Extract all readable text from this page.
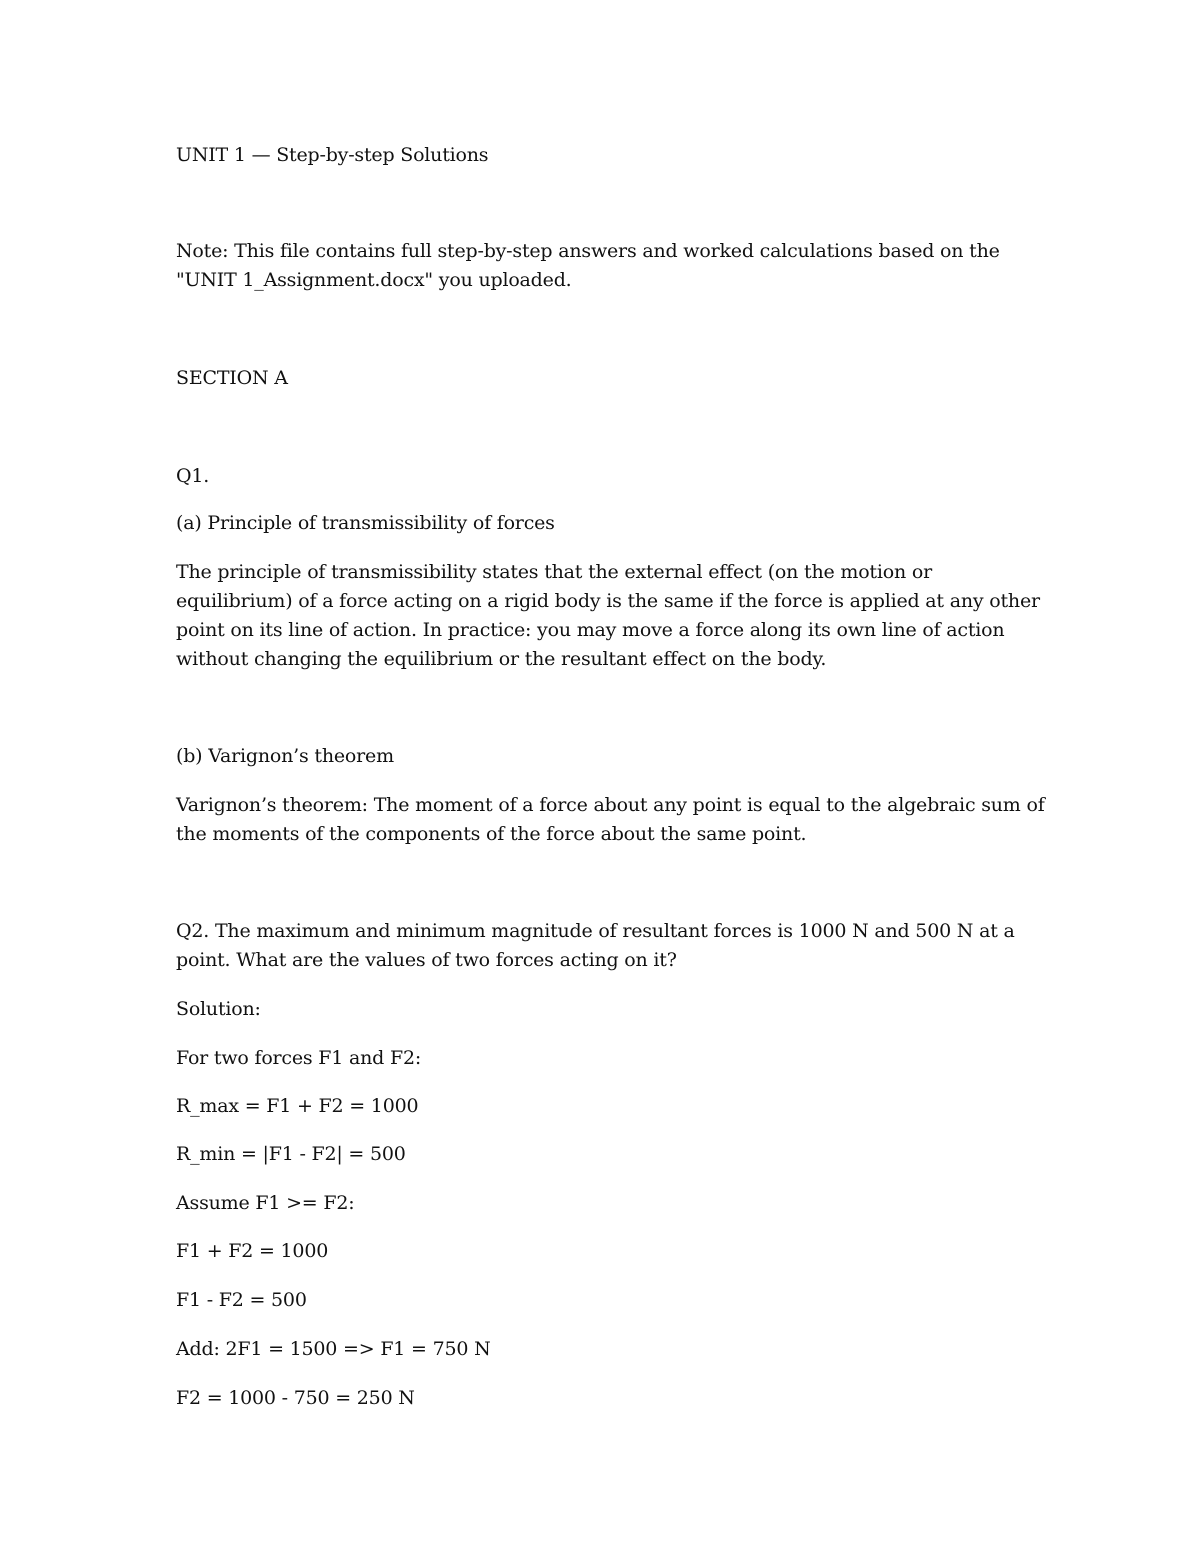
UNIT 1 — Step-by-step Solutions
Note: This file contains full step-by-step answers and worked calculations based on the
"UNIT 1_Assignment.docx" you uploaded.
SECTION A
Q1.
(a) Principle of transmissibility of forces
The principle of transmissibility states that the external effect (on the motion or
equilibrium) of a force acting on a rigid body is the same if the force is applied at any other
point on its line of action. In practice: you may move a force along its own line of action
without changing the equilibrium or the resultant effect on the body.
(b) Varignon’s theorem
Varignon’s theorem: The moment of a force about any point is equal to the algebraic sum of
the moments of the components of the force about the same point.
Q2. The maximum and minimum magnitude of resultant forces is 1000 N and 500 N at a
point. What are the values of two forces acting on it?
Solution:
For two forces F1 and F2:
R_max = F1 + F2 = 1000
R_min = |F1 - F2| = 500
Assume F1 >= F2:
F1 + F2 = 1000
F1 - F2 = 500
Add: 2F1 = 1500 => F1 = 750 N
F2 = 1000 - 750 = 250 N
